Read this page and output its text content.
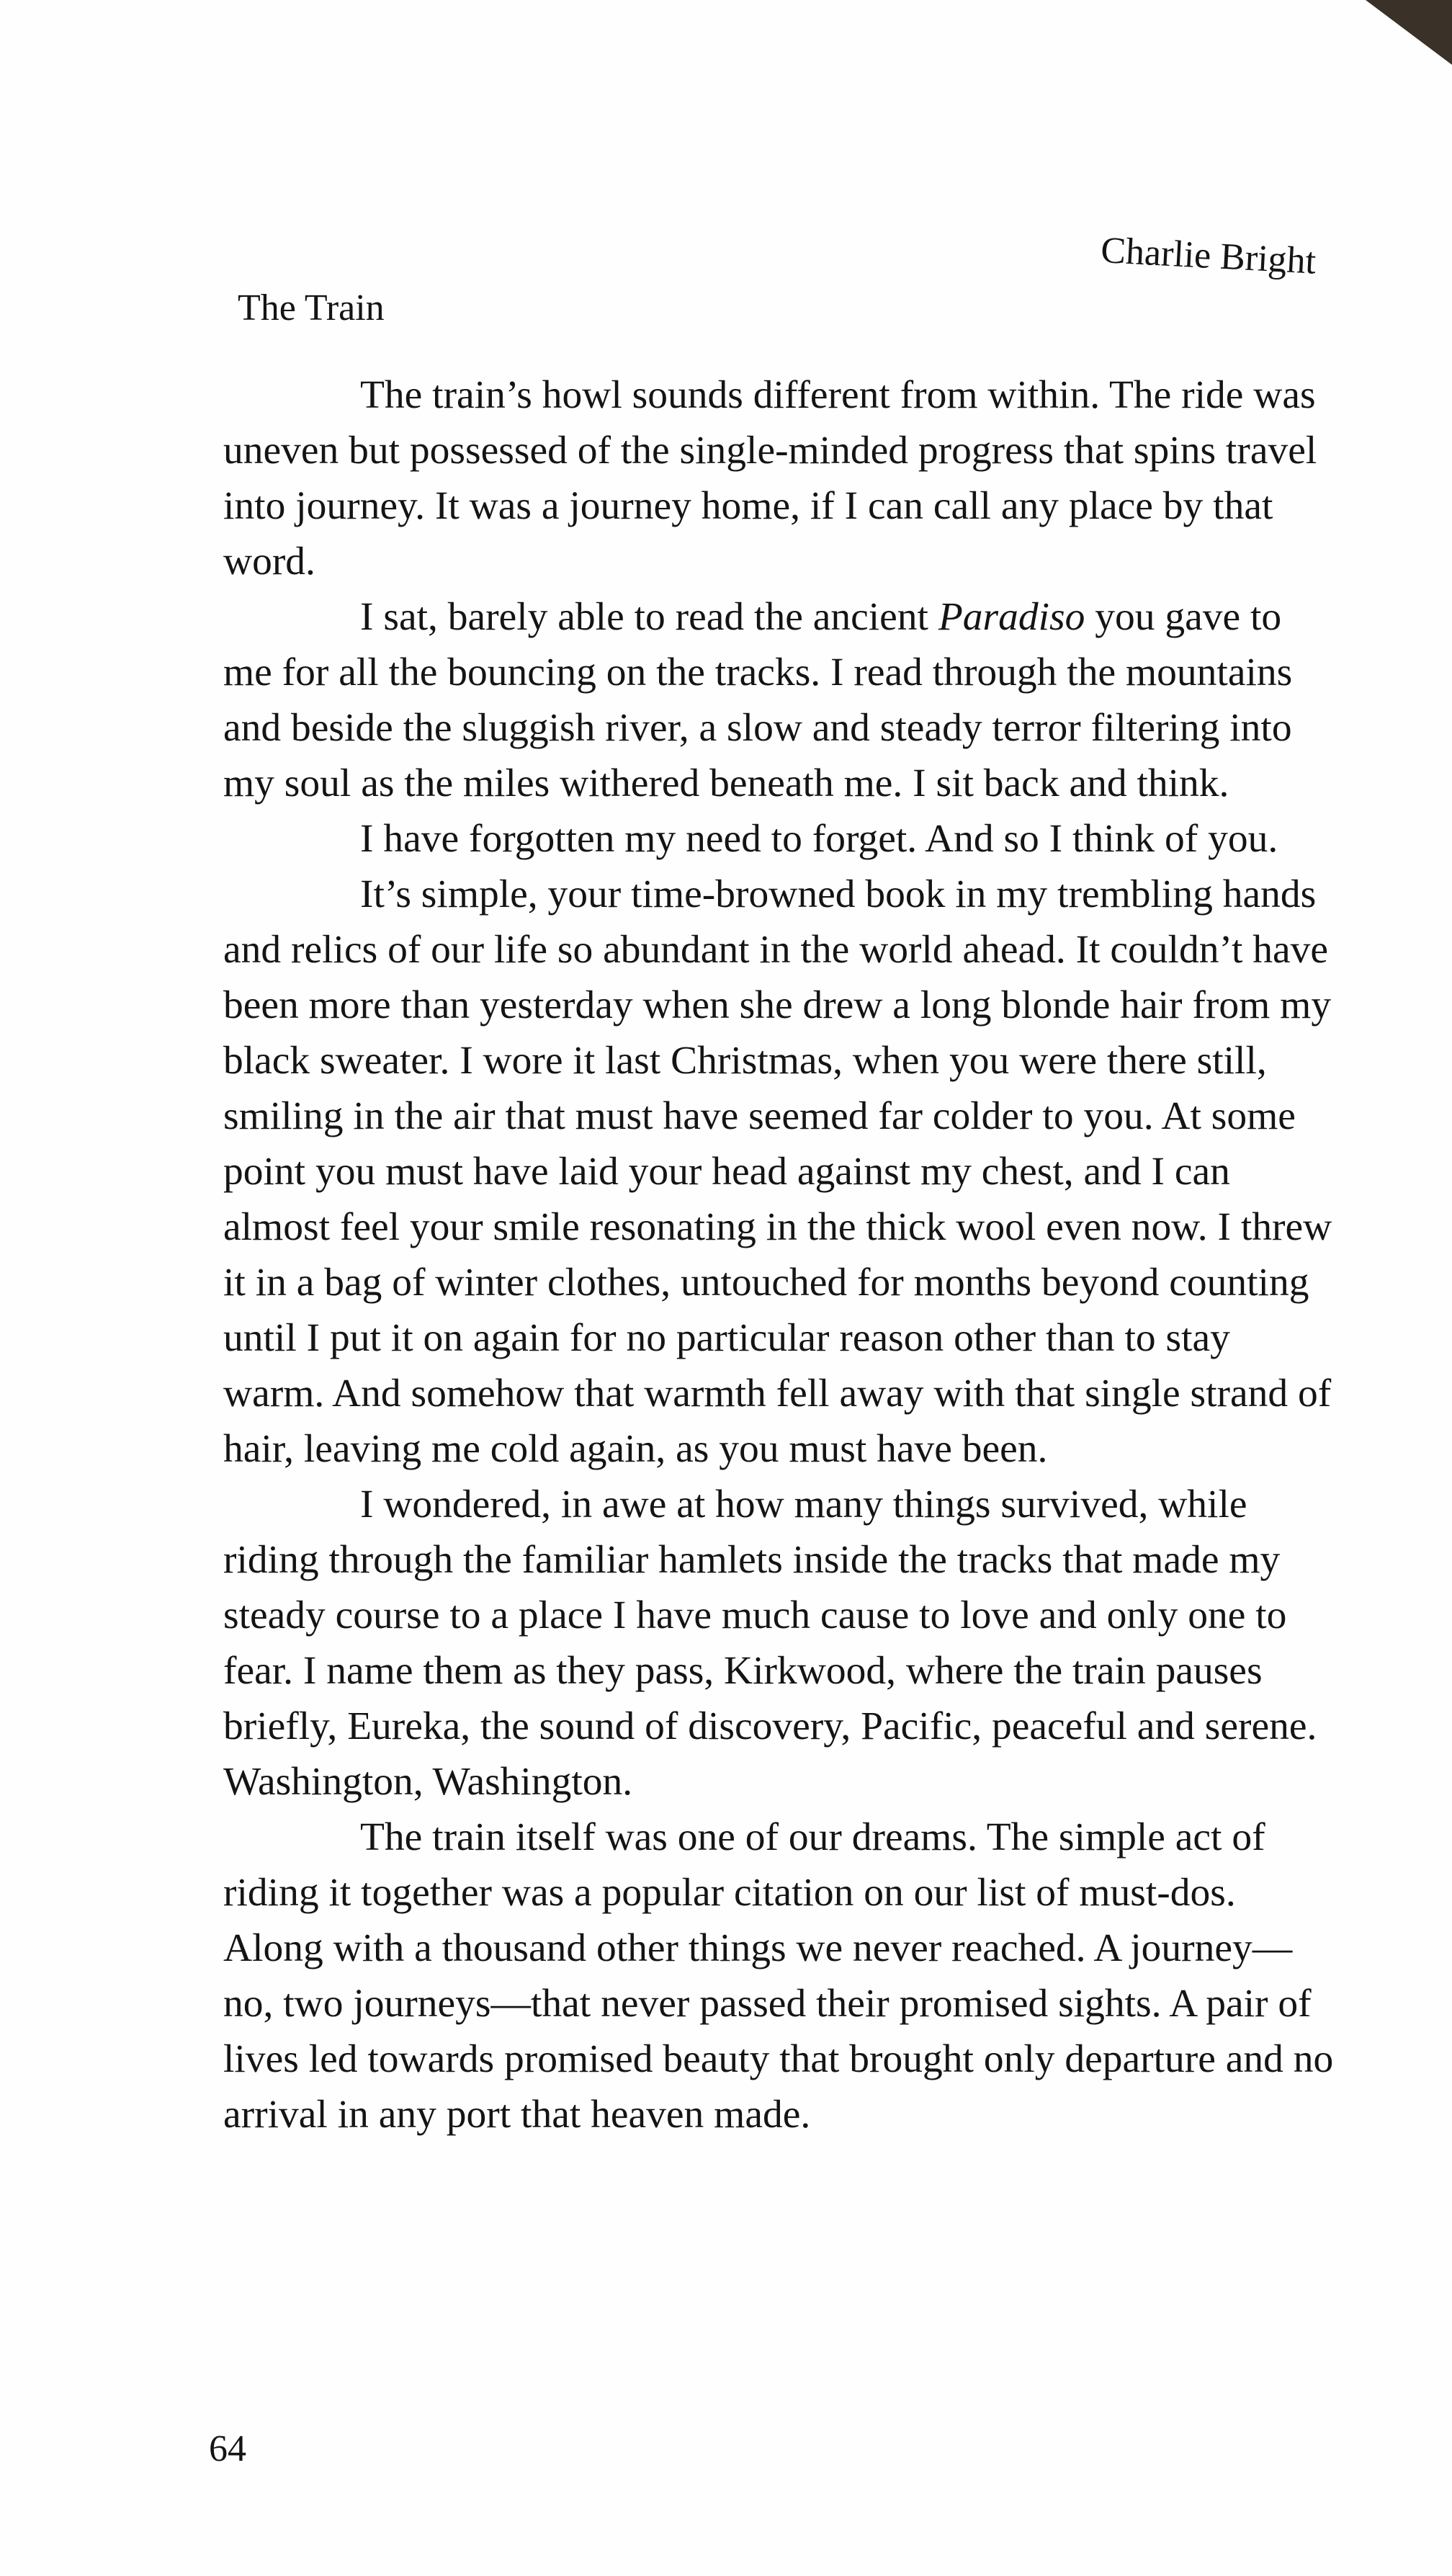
Charlie Bright
The Train

The train’s howl sounds different from within. The ride was uneven but possessed of the single-minded progress that spins travel into journey. It was a journey home, if I can call any place by that word.

I sat, barely able to read the ancient Paradiso you gave to me for all the bouncing on the tracks. I read through the mountains and beside the sluggish river, a slow and steady terror filtering into my soul as the miles withered beneath me. I sit back and think.

I have forgotten my need to forget. And so I think of you.

It’s simple, your time-browned book in my trembling hands and relics of our life so abundant in the world ahead. It couldn’t have been more than yesterday when she drew a long blonde hair from my black sweater. I wore it last Christmas, when you were there still, smiling in the air that must have seemed far colder to you. At some point you must have laid your head against my chest, and I can almost feel your smile resonating in the thick wool even now. I threw it in a bag of winter clothes, untouched for months beyond counting until I put it on again for no particular reason other than to stay warm. And somehow that warmth fell away with that single strand of hair, leaving me cold again, as you must have been.

I wondered, in awe at how many things survived, while riding through the familiar hamlets inside the tracks that made my steady course to a place I have much cause to love and only one to fear. I name them as they pass, Kirkwood, where the train pauses briefly, Eureka, the sound of discovery, Pacific, peaceful and serene. Washington, Washington.

The train itself was one of our dreams. The simple act of riding it together was a popular citation on our list of must-dos. Along with a thousand other things we never reached. A journey—no, two journeys—that never passed their promised sights. A pair of lives led towards promised beauty that brought only departure and no arrival in any port that heaven made.

64
